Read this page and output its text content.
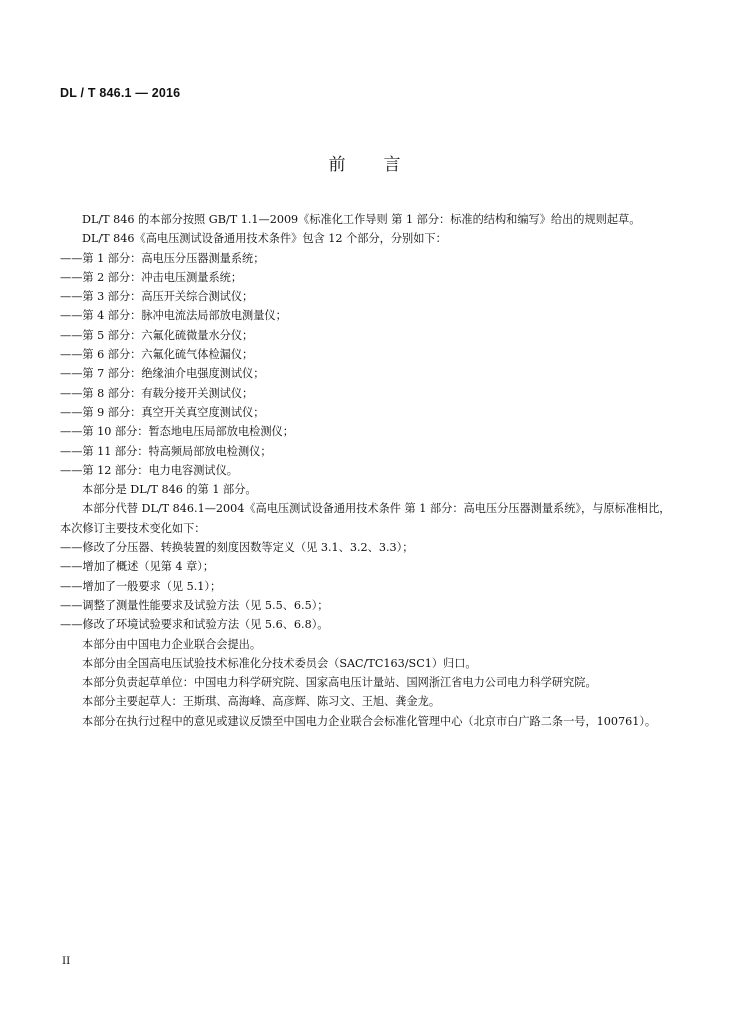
DL / T 846.1 — 2016
前言

DL/T 846 的本部分按照 GB/T 1.1—2009《标准化工作导则 第 1 部分：标准的结构和编写》给出的规则起草。

DL/T 846《高电压测试设备通用技术条件》包含 12 个部分，分别如下：

——第 1 部分：高电压分压器测量系统；

——第 2 部分：冲击电压测量系统；

——第 3 部分：高压开关综合测试仪；

——第 4 部分：脉冲电流法局部放电测量仪；

——第 5 部分：六氟化硫微量水分仪；

——第 6 部分：六氟化硫气体检漏仪；

——第 7 部分：绝缘油介电强度测试仪；

——第 8 部分：有载分接开关测试仪；

——第 9 部分：真空开关真空度测试仪；

——第 10 部分：暂态地电压局部放电检测仪；

——第 11 部分：特高频局部放电检测仪；

——第 12 部分：电力电容测试仪。

本部分是 DL/T 846 的第 1 部分。

本部分代替 DL/T 846.1—2004《高电压测试设备通用技术条件 第 1 部分：高电压分压器测量系统》，与原标准相比，本次修订主要技术变化如下：

——修改了分压器、转换装置的刻度因数等定义（见 3.1、3.2、3.3）；

——增加了概述（见第 4 章）；

——增加了一般要求（见 5.1）；

——调整了测量性能要求及试验方法（见 5.5、6.5）；

——修改了环境试验要求和试验方法（见 5.6、6.8）。

本部分由中国电力企业联合会提出。

本部分由全国高电压试验技术标准化分技术委员会（SAC/TC163/SC1）归口。

本部分负责起草单位：中国电力科学研究院、国家高电压计量站、国网浙江省电力公司电力科学研究院。

本部分主要起草人：王斯琪、高海峰、高彦辉、陈习文、王旭、龚金龙。

本部分在执行过程中的意见或建议反馈至中国电力企业联合会标准化管理中心（北京市白广路二条一号，100761）。

II
